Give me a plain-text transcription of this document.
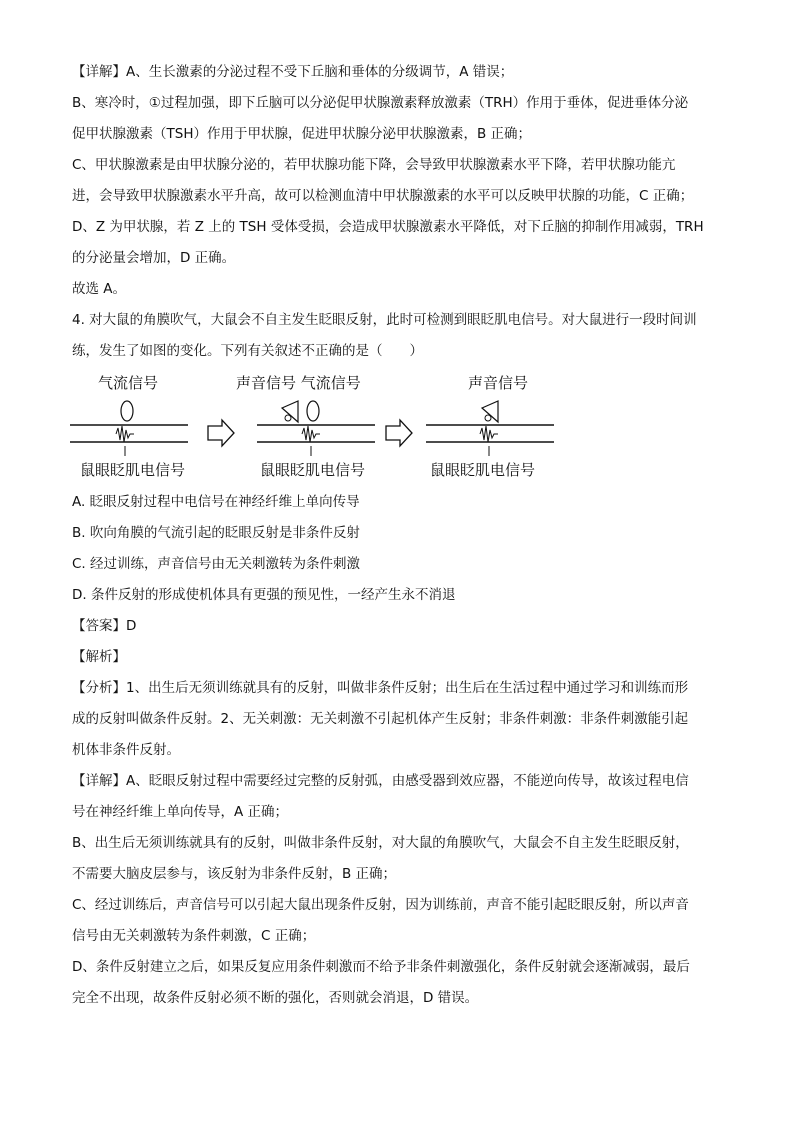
【详解】A、生长激素的分泌过程不受下丘脑和垂体的分级调节，A 错误；
B、寒冷时，①过程加强，即下丘脑可以分泌促甲状腺激素释放激素（TRH）作用于垂体，促进垂体分泌
促甲状腺激素（TSH）作用于甲状腺，促进甲状腺分泌甲状腺激素，B 正确；
C、甲状腺激素是由甲状腺分泌的，若甲状腺功能下降，会导致甲状腺激素水平下降，若甲状腺功能亢
进，会导致甲状腺激素水平升高，故可以检测血清中甲状腺激素的水平可以反映甲状腺的功能，C 正确；
D、Z 为甲状腺，若 Z 上的 TSH 受体受损，会造成甲状腺激素水平降低，对下丘脑的抑制作用减弱，TRH
的分泌量会增加，D 正确。
故选 A。
4. 对大鼠的角膜吹气，大鼠会不自主发生眨眼反射，此时可检测到眼眨肌电信号。对大鼠进行一段时间训
练，发生了如图的变化。下列有关叙述不正确的是（　　）
气流信号
鼠眼眨肌电信号
声音信号 气流信号
鼠眼眨肌电信号
声音信号
鼠眼眨肌电信号
A. 眨眼反射过程中电信号在神经纤维上单向传导
B. 吹向角膜的气流引起的眨眼反射是非条件反射
C. 经过训练，声音信号由无关刺激转为条件刺激
D. 条件反射的形成使机体具有更强的预见性，一经产生永不消退
【答案】D
【解析】
【分析】1、出生后无须训练就具有的反射，叫做非条件反射；出生后在生活过程中通过学习和训练而形
成的反射叫做条件反射。2、无关刺激：无关刺激不引起机体产生反射；非条件刺激：非条件刺激能引起
机体非条件反射。
【详解】A、眨眼反射过程中需要经过完整的反射弧，由感受器到效应器，不能逆向传导，故该过程电信
号在神经纤维上单向传导，A 正确；
B、出生后无须训练就具有的反射，叫做非条件反射，对大鼠的角膜吹气，大鼠会不自主发生眨眼反射，
不需要大脑皮层参与，该反射为非条件反射，B 正确；
C、经过训练后，声音信号可以引起大鼠出现条件反射，因为训练前，声音不能引起眨眼反射，所以声音
信号由无关刺激转为条件刺激，C 正确；
D、条件反射建立之后，如果反复应用条件刺激而不给予非条件刺激强化，条件反射就会逐渐减弱，最后
完全不出现，故条件反射必须不断的强化，否则就会消退，D 错误。
